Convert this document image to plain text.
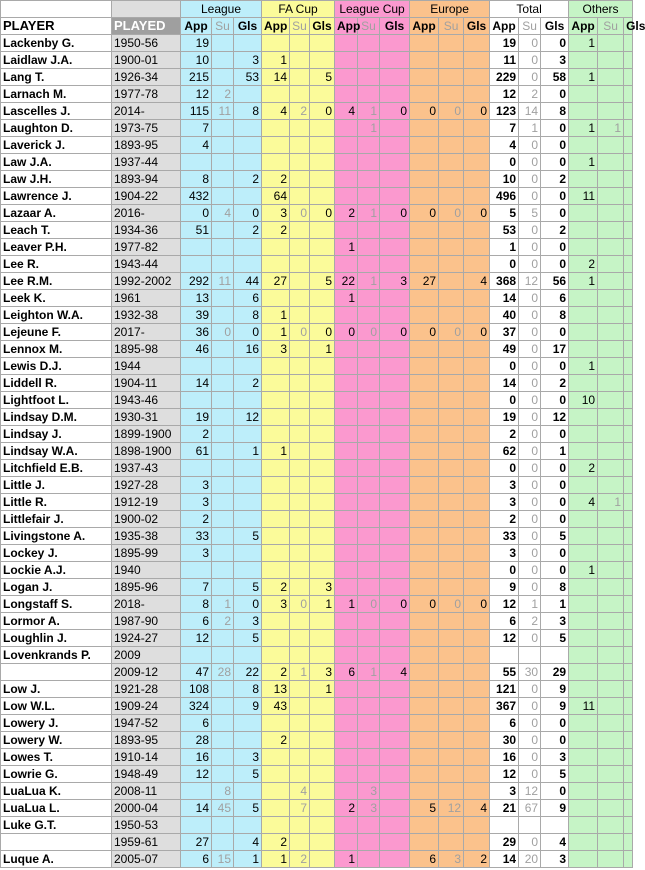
		League			FA Cup			League Cup			Europe			Total			Others		
PLAYER	PLAYED	App	Su	Gls	App	Su	Gls	App	Su	Gls	App	Su	Gls	App	Su	Gls	App	Su	Gls
Lackenby G.	1950-56	19												19	0	0	1		
Laidlaw J.A.	1900-01	10		3	1									11	0	3			
Lang T.	1926-34	215		53	14		5							229	0	58	1		
Larnach M.	1977-78	12	2											12	2	0			
Lascelles J.	2014-	115	11	8	4	2	0	4	1	0	0	0	0	123	14	8			
Laughton D.	1973-75	7							1					7	1	0	1	1	
Laverick J.	1893-95	4												4	0	0			
Law J.A.	1937-44													0	0	0	1		
Law J.H.	1893-94	8		2	2									10	0	2			
Lawrence J.	1904-22	432			64									496	0	0	11		
Lazaar A.	2016-	0	4	0	3	0	0	2	1	0	0	0	0	5	5	0			
Leach T.	1934-36	51		2	2									53	0	2			
Leaver P.H.	1977-82							1						1	0	0			
Lee R.	1943-44													0	0	0	2		
Lee R.M.	1992-2002	292	11	44	27		5	22	1	3	27		4	368	12	56	1		
Leek K.	1961	13		6				1						14	0	6			
Leighton W.A.	1932-38	39		8	1									40	0	8			
Lejeune F.	2017-	36	0	0	1	0	0	0	0	0	0	0	0	37	0	0			
Lennox M.	1895-98	46		16	3		1							49	0	17			
Lewis D.J.	1944													0	0	0	1		
Liddell R.	1904-11	14		2										14	0	2			
Lightfoot L.	1943-46													0	0	0	10		
Lindsay D.M.	1930-31	19		12										19	0	12			
Lindsay J.	1899-1900	2												2	0	0			
Lindsay W.A.	1898-1900	61		1	1									62	0	1			
Litchfield E.B.	1937-43													0	0	0	2		
Little J.	1927-28	3												3	0	0			
Little R.	1912-19	3												3	0	0	4	1	
Littlefair J.	1900-02	2												2	0	0			
Livingstone A.	1935-38	33		5										33	0	5			
Lockey J.	1895-99	3												3	0	0			
Lockie A.J.	1940													0	0	0	1		
Logan J.	1895-96	7		5	2		3							9	0	8			
Longstaff S.	2018-	8	1	0	3	0	1	1	0	0	0	0	0	12	1	1			
Lormor A.	1987-90	6	2	3										6	2	3			
Loughlin J.	1924-27	12		5										12	0	5			
Lovenkrands P.	2009																		
	2009-12	47	28	22	2	1	3	6	1	4				55	30	29			
Low J.	1921-28	108		8	13		1							121	0	9			
Low W.L.	1909-24	324		9	43									367	0	9	11		
Lowery J.	1947-52	6												6	0	0			
Lowery W.	1893-95	28			2									30	0	0			
Lowes T.	1910-14	16		3										16	0	3			
Lowrie G.	1948-49	12		5										12	0	5			
LuaLua K.	2008-11		8			4			3					3	12	0			
LuaLua L.	2000-04	14	45	5		7		2	3		5	12	4	21	67	9			
Luke G.T.	1950-53																		
	1959-61	27		4	2									29	0	4			
Luque A.	2005-07	6	15	1	1	2		1			6	3	2	14	20	3			
